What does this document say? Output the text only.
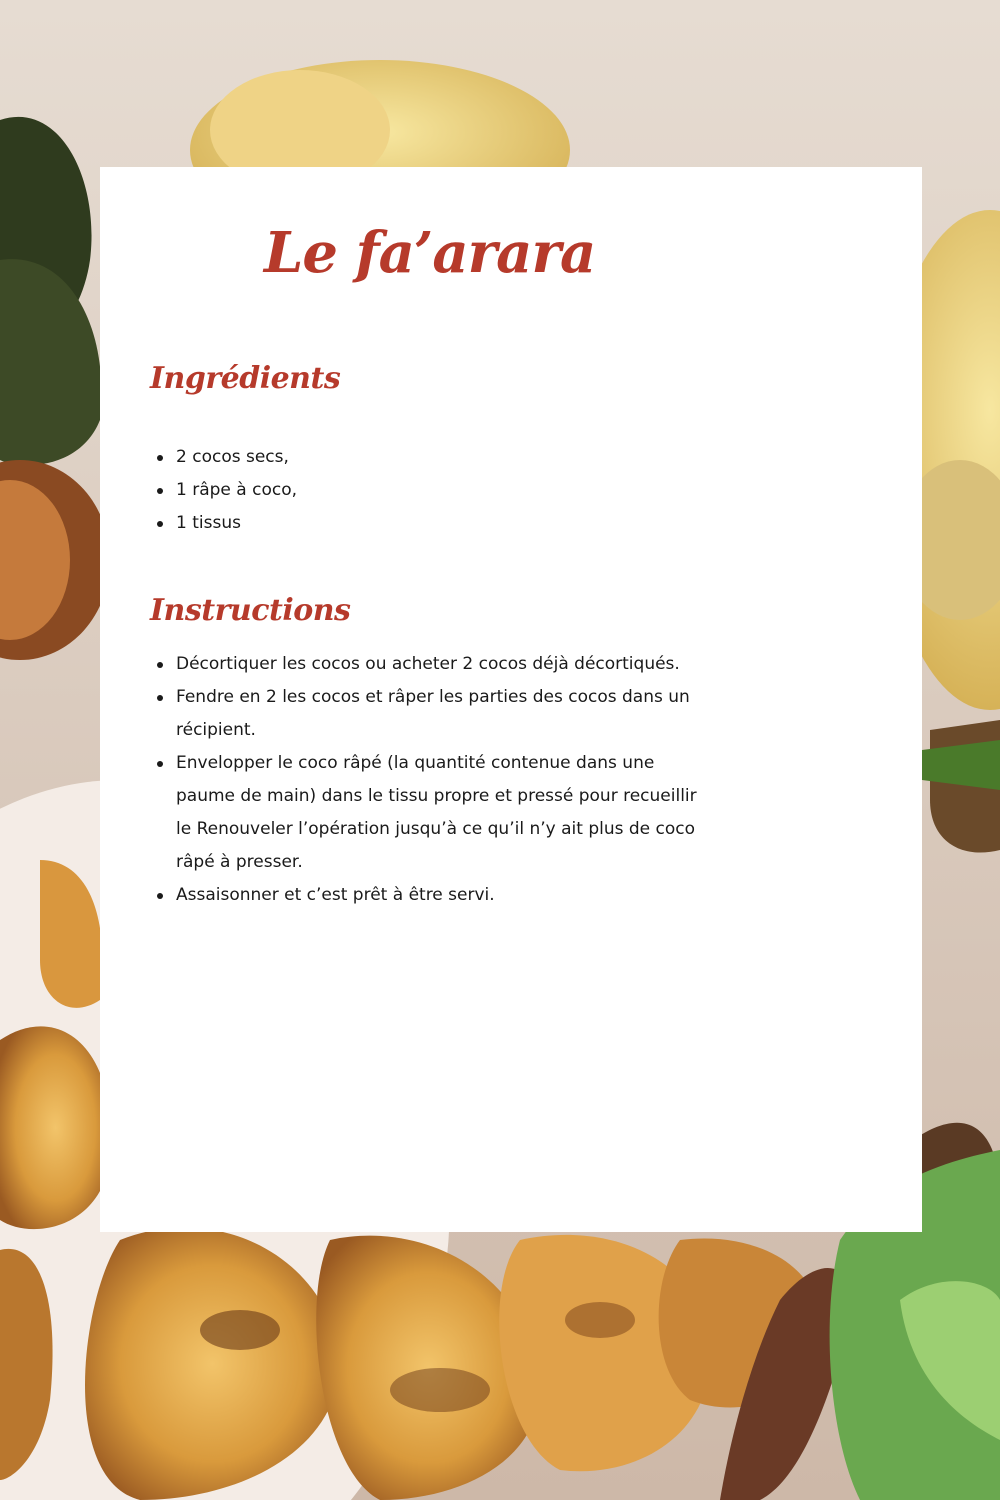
Le fa’arara
Ingrédients
2 cocos secs,
1 râpe à coco,
1 tissus
Instructions
Décortiquer les cocos ou acheter 2 cocos déjà décortiqués.
Fendre en 2 les cocos et râper les parties des cocos dans un récipient.
Envelopper le coco râpé (la quantité contenue dans une paume de main) dans le tissu propre et pressé pour recueillir le Renouveler l’opération jusqu’à ce qu’il n’y ait plus de coco râpé à presser.
Assaisonner et c’est prêt à être servi.
